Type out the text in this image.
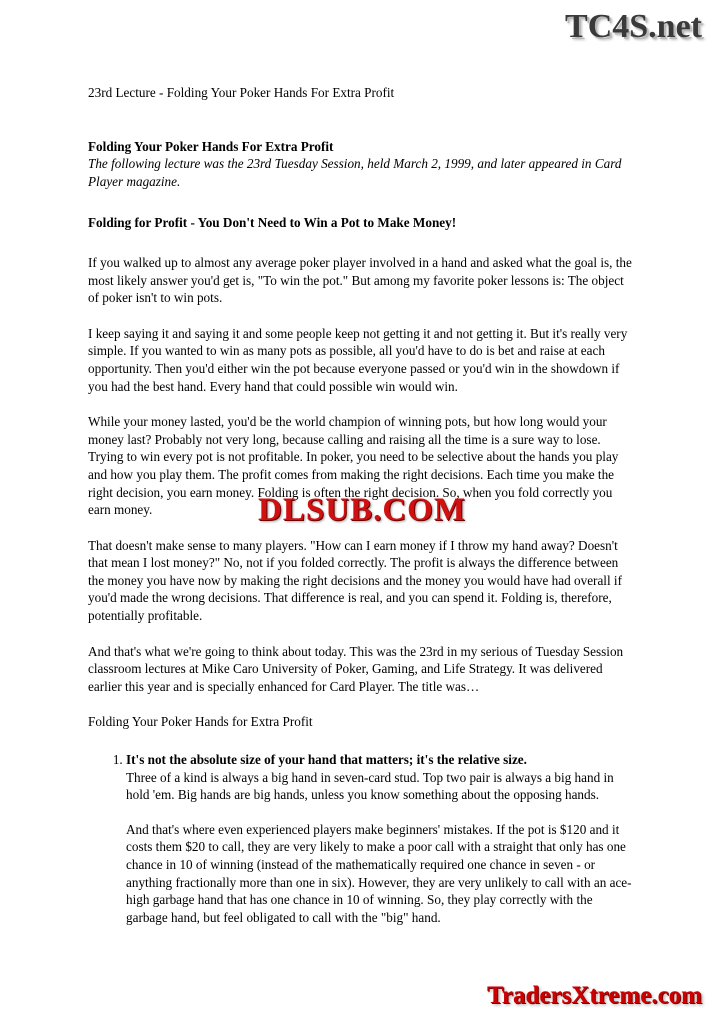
TC4S.net

23rd Lecture - Folding Your Poker Hands For Extra Profit

Folding Your Poker Hands For Extra Profit

The following lecture was the 23rd Tuesday Session, held March 2, 1999, and later appeared in Card Player magazine.

Folding for Profit - You Don't Need to Win a Pot to Make Money!

If you walked up to almost any average poker player involved in a hand and asked what the goal is, the most likely answer you'd get is, "To win the pot." But among my favorite poker lessons is: The object of poker isn't to win pots.

I keep saying it and saying it and some people keep not getting it and not getting it. But it's really very simple. If you wanted to win as many pots as possible, all you'd have to do is bet and raise at each opportunity. Then you'd either win the pot because everyone passed or you'd win in the showdown if you had the best hand. Every hand that could possible win would win.

While your money lasted, you'd be the world champion of winning pots, but how long would your money last? Probably not very long, because calling and raising all the time is a sure way to lose. Trying to win every pot is not profitable. In poker, you need to be selective about the hands you play and how you play them. The profit comes from making the right decisions. Each time you make the right decision, you earn money. Folding is often the right decision. So, when you fold correctly you earn money.

That doesn't make sense to many players. "How can I earn money if I throw my hand away? Doesn't that mean I lost money?" No, not if you folded correctly. The profit is always the difference between the money you have now by making the right decisions and the money you would have had overall if you'd made the wrong decisions. That difference is real, and you can spend it. Folding is, therefore, potentially profitable.

And that's what we're going to think about today. This was the 23rd in my serious of Tuesday Session classroom lectures at Mike Caro University of Poker, Gaming, and Life Strategy. It was delivered earlier this year and is specially enhanced for Card Player. The title was…

Folding Your Poker Hands for Extra Profit

1. It's not the absolute size of your hand that matters; it's the relative size.

Three of a kind is always a big hand in seven-card stud. Top two pair is always a big hand in hold 'em. Big hands are big hands, unless you know something about the opposing hands.

And that's where even experienced players make beginners' mistakes. If the pot is $120 and it costs them $20 to call, they are very likely to make a poor call with a straight that only has one chance in 10 of winning (instead of the mathematically required one chance in seven - or anything fractionally more than one in six). However, they are very unlikely to call with an ace-high garbage hand that has one chance in 10 of winning. So, they play correctly with the garbage hand, but feel obligated to call with the "big" hand.

DLSUB.COM
TradersXtreme.com
